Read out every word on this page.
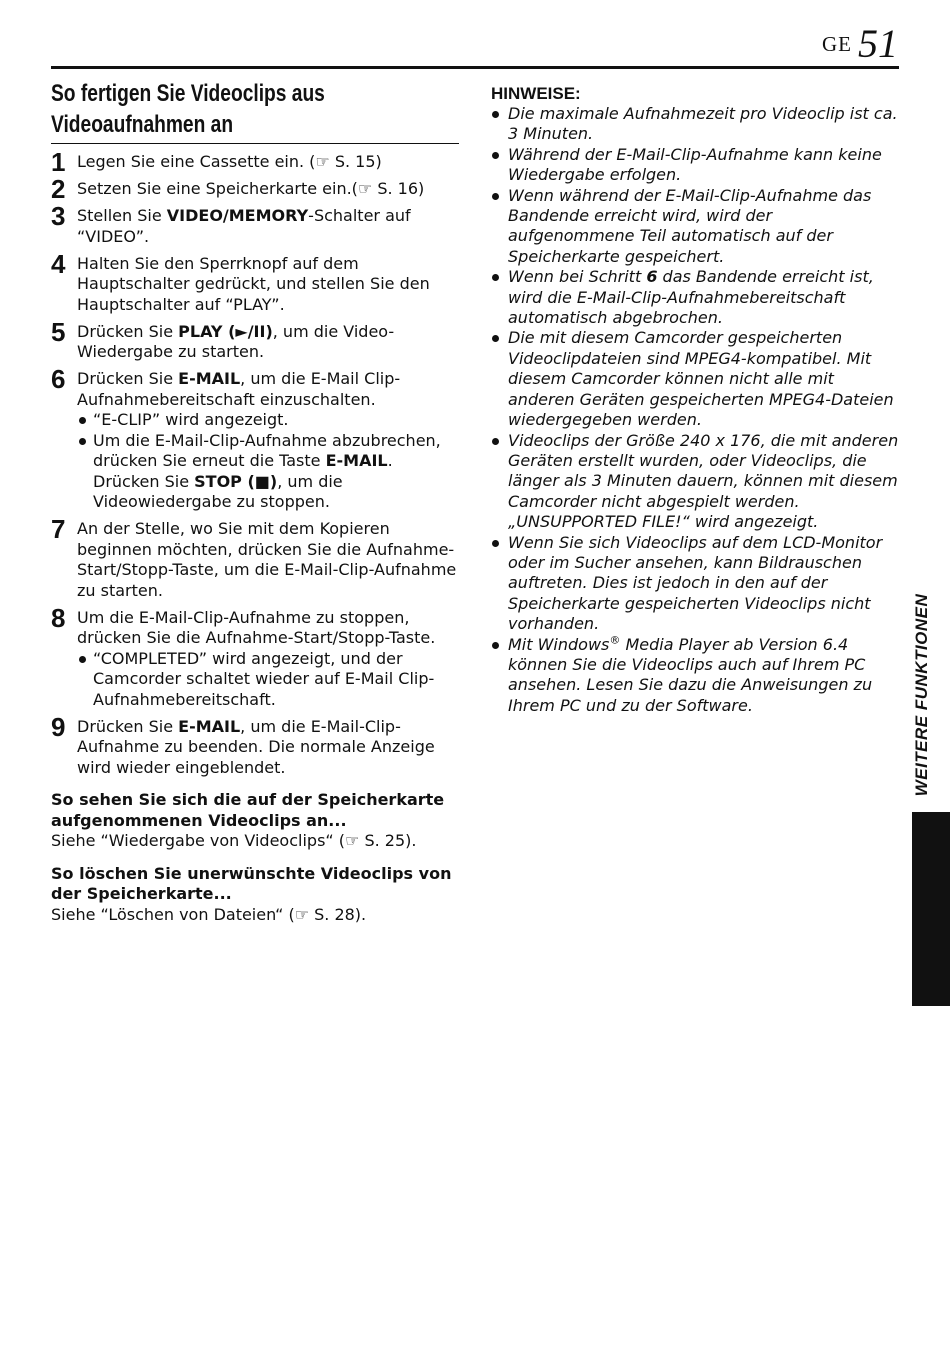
GE 51
So fertigen Sie Videoclips aus
Videoaufnahmen an
1 Legen Sie eine Cassette ein. (☞ S. 15)
2 Setzen Sie eine Speicherkarte ein.(☞ S. 16)
3 Stellen Sie VIDEO/MEMORY-Schalter auf “VIDEO”.
4 Halten Sie den Sperrknopf auf dem Hauptschalter gedrückt, und stellen Sie den Hauptschalter auf “PLAY”.
5 Drücken Sie PLAY (►/II), um die Video-Wiedergabe zu starten.
6 Drücken Sie E-MAIL, um die E-Mail Clip-Aufnahmebereitschaft einzuschalten.
“E-CLIP” wird angezeigt.
Um die E-Mail-Clip-Aufnahme abzubrechen, drücken Sie erneut die Taste E-MAIL. Drücken Sie STOP (■), um die Videowiedergabe zu stoppen.
7 An der Stelle, wo Sie mit dem Kopieren beginnen möchten, drücken Sie die Aufnahme-Start/Stopp-Taste, um die E-Mail-Clip-Aufnahme zu starten.
8 Um die E-Mail-Clip-Aufnahme zu stoppen, drücken Sie die Aufnahme-Start/Stopp-Taste.
“COMPLETED” wird angezeigt, und der Camcorder schaltet wieder auf E-Mail Clip-Aufnahmebereitschaft.
9 Drücken Sie E-MAIL, um die E-Mail-Clip-Aufnahme zu beenden. Die normale Anzeige wird wieder eingeblendet.
So sehen Sie sich die auf der Speicherkarte aufgenommenen Videoclips an...
Siehe “Wiedergabe von Videoclips“ (☞ S. 25).
So löschen Sie unerwünschte Videoclips von der Speicherkarte...
Siehe “Löschen von Dateien“ (☞ S. 28).
HINWEISE:
Die maximale Aufnahmezeit pro Videoclip ist ca. 3 Minuten.
Während der E-Mail-Clip-Aufnahme kann keine Wiedergabe erfolgen.
Wenn während der E-Mail-Clip-Aufnahme das Bandende erreicht wird, wird der aufgenommene Teil automatisch auf der Speicherkarte gespeichert.
Wenn bei Schritt 6 das Bandende erreicht ist, wird die E-Mail-Clip-Aufnahmebereitschaft automatisch abgebrochen.
Die mit diesem Camcorder gespeicherten Videoclipdateien sind MPEG4-kompatibel. Mit diesem Camcorder können nicht alle mit anderen Geräten gespeicherten MPEG4-Dateien wiedergegeben werden.
Videoclips der Größe 240 x 176, die mit anderen Geräten erstellt wurden, oder Videoclips, die länger als 3 Minuten dauern, können mit diesem Camcorder nicht abgespielt werden. „UNSUPPORTED FILE!“ wird angezeigt.
Wenn Sie sich Videoclips auf dem LCD-Monitor oder im Sucher ansehen, kann Bildrauschen auftreten. Dies ist jedoch in den auf der Speicherkarte gespeicherten Videoclips nicht vorhanden.
Mit Windows® Media Player ab Version 6.4 können Sie die Videoclips auch auf Ihrem PC ansehen. Lesen Sie dazu die Anweisungen zu Ihrem PC und zu der Software.	WEITERE FUNKTIONEN
